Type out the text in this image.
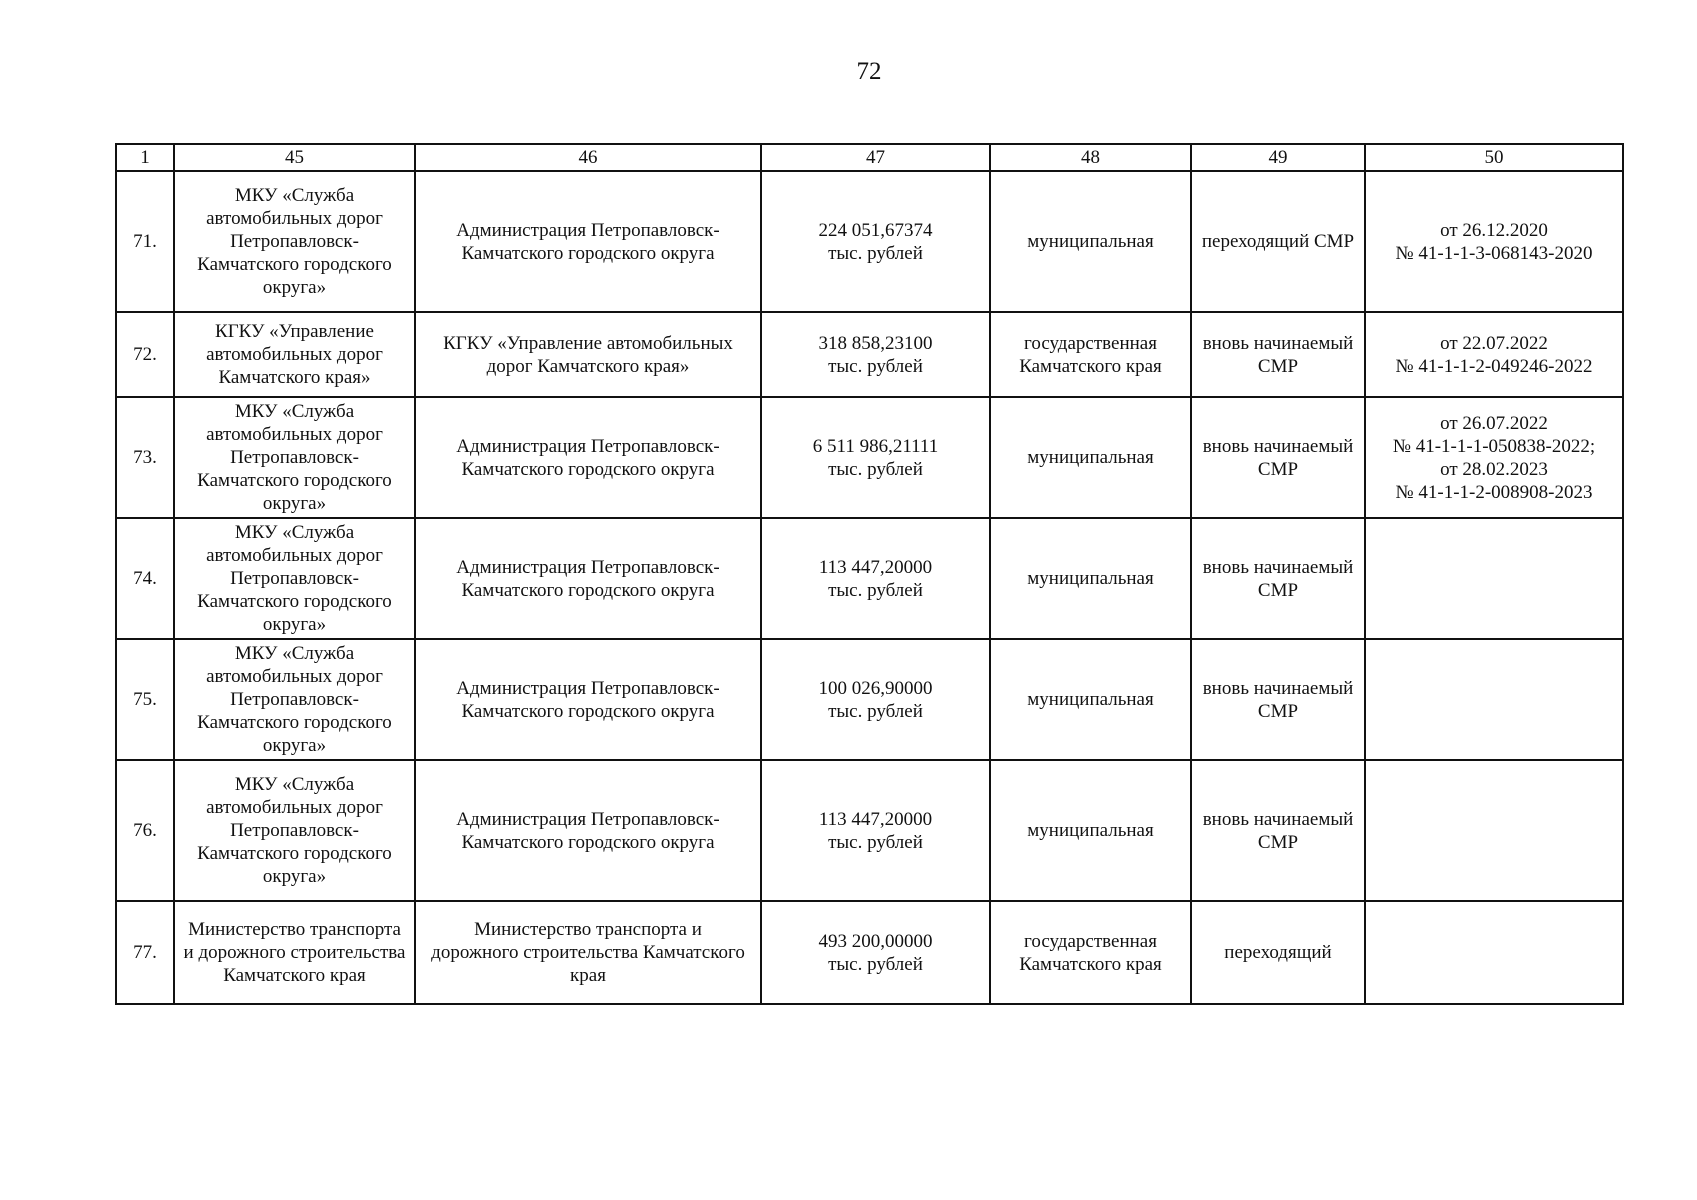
72
1	45	46	47	48	49	50
71.	МКУ «Служба
автомобильных дорог
Петропавловск-
Камчатского городского
округа»	Администрация Петропавловск-
Камчатского городского округа	224 051,67374
тыс. рублей	муниципальная	переходящий СМР	от 26.12.2020
№ 41-1-1-3-068143-2020

72.	КГКУ «Управление
автомобильных дорог
Камчатского края»	КГКУ «Управление автомобильных
дорог Камчатского края»	318 858,23100
тыс. рублей	государственная
Камчатского края	вновь начинаемый
СМР	от 22.07.2022
№ 41-1-1-2-049246-2022

73.	МКУ «Служба
автомобильных дорог
Петропавловск-
Камчатского городского
округа»	Администрация Петропавловск-
Камчатского городского округа	6 511 986,21111
тыс. рублей	муниципальная	вновь начинаемый
СМР	от 26.07.2022
№ 41-1-1-1-050838-2022;
от 28.02.2023
№ 41-1-1-2-008908-2023

74.	МКУ «Служба
автомобильных дорог
Петропавловск-
Камчатского городского
округа»	Администрация Петропавловск-
Камчатского городского округа	113 447,20000
тыс. рублей	муниципальная	вновь начинаемый
СМР	

75.	МКУ «Служба
автомобильных дорог
Петропавловск-
Камчатского городского
округа»	Администрация Петропавловск-
Камчатского городского округа	100 026,90000
тыс. рублей	муниципальная	вновь начинаемый
СМР	

76.	МКУ «Служба
автомобильных дорог
Петропавловск-
Камчатского городского
округа»	Администрация Петропавловск-
Камчатского городского округа	113 447,20000
тыс. рублей	муниципальная	вновь начинаемый
СМР	

77.	Министерство транспорта
и дорожного строительства
Камчатского края	Министерство транспорта и
дорожного строительства Камчатского
края	493 200,00000
тыс. рублей	государственная
Камчатского края	переходящий	
